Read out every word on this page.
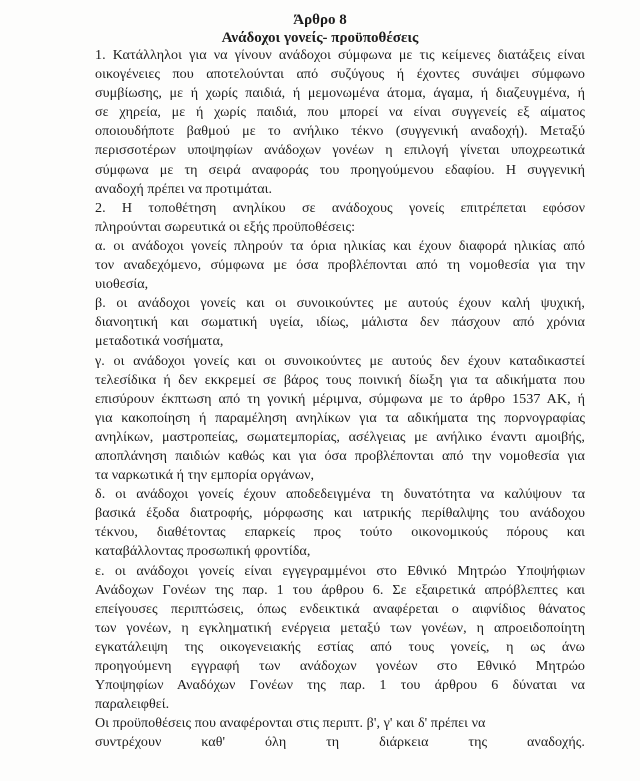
Άρθρο 8
Ανάδοχοι γονείς- προϋποθέσεις

1. Κατάλληλοι για να γίνουν ανάδοχοι σύμφωνα με τις κείμενες διατάξεις είναι

οικογένειες που αποτελούνται από συζύγους ή έχοντες συνάψει σύμφωνο

συμβίωσης, με ή χωρίς παιδιά, ή μεμονωμένα άτομα, άγαμα, ή διαζευγμένα, ή

σε χηρεία, με ή χωρίς παιδιά, που μπορεί να είναι συγγενείς εξ αίματος

οποιουδήποτε βαθμού με το ανήλικο τέκνο (συγγενική αναδοχή). Μεταξύ

περισσοτέρων υποψηφίων ανάδοχων γονέων η επιλογή γίνεται υποχρεωτικά

σύμφωνα με τη σειρά αναφοράς του προηγούμενου εδαφίου. Η συγγενική

αναδοχή πρέπει να προτιμάται.

2. Η τοποθέτηση ανηλίκου σε ανάδοχους γονείς επιτρέπεται εφόσον

πληρούνται σωρευτικά οι εξής προϋποθέσεις:

α. οι ανάδοχοι γονείς πληρούν τα όρια ηλικίας και έχουν διαφορά ηλικίας από

τον αναδεχόμενο, σύμφωνα με όσα προβλέπονται από τη νομοθεσία για την

υιοθεσία,

β. οι ανάδοχοι γονείς και οι συνοικούντες με αυτούς έχουν καλή ψυχική,

διανοητική και σωματική υγεία, ιδίως, μάλιστα δεν πάσχουν από χρόνια

μεταδοτικά νοσήματα,

γ. οι ανάδοχοι γονείς και οι συνοικούντες με αυτούς δεν έχουν καταδικαστεί

τελεσίδικα ή δεν εκκρεμεί σε βάρος τους ποινική δίωξη για τα αδικήματα που

επισύρουν έκπτωση από τη γονική μέριμνα, σύμφωνα με το άρθρο 1537 ΑΚ, ή

για κακοποίηση ή παραμέληση ανηλίκων για τα αδικήματα της πορνογραφίας

ανηλίκων, μαστροπείας, σωματεμπορίας, ασέλγειας με ανήλικο έναντι αμοιβής,

αποπλάνηση παιδιών καθώς και για όσα προβλέπονται από την νομοθεσία για

τα ναρκωτικά ή την εμπορία οργάνων,

δ. οι ανάδοχοι γονείς έχουν αποδεδειγμένα τη δυνατότητα να καλύψουν τα

βασικά έξοδα διατροφής, μόρφωσης και ιατρικής περίθαλψης του ανάδοχου

τέκνου, διαθέτοντας επαρκείς προς τούτο οικονομικούς πόρους και

καταβάλλοντας προσωπική φροντίδα,

ε. οι ανάδοχοι γονείς είναι εγγεγραμμένοι στο Εθνικό Μητρώο Υποψήφιων

Ανάδοχων Γονέων της παρ. 1 του άρθρου 6. Σε εξαιρετικά απρόβλεπτες και

επείγουσες περιπτώσεις, όπως ενδεικτικά αναφέρεται ο αιφνίδιος θάνατος

των γονέων, η εγκληματική ενέργεια μεταξύ των γονέων, η απροειδοποίητη

εγκατάλειψη της οικογενειακής εστίας από τους γονείς, η ως άνω

προηγούμενη εγγραφή των ανάδοχων γονέων στο Εθνικό Μητρώο

Υποψηφίων Αναδόχων Γονέων της παρ. 1 του άρθρου 6 δύναται να

παραλειφθεί.

Οι προϋποθέσεις που αναφέρονται στις περιπτ. β', γ' και δ' πρέπει να

συντρέχουν καθ' όλη τη διάρκεια της αναδοχής.
